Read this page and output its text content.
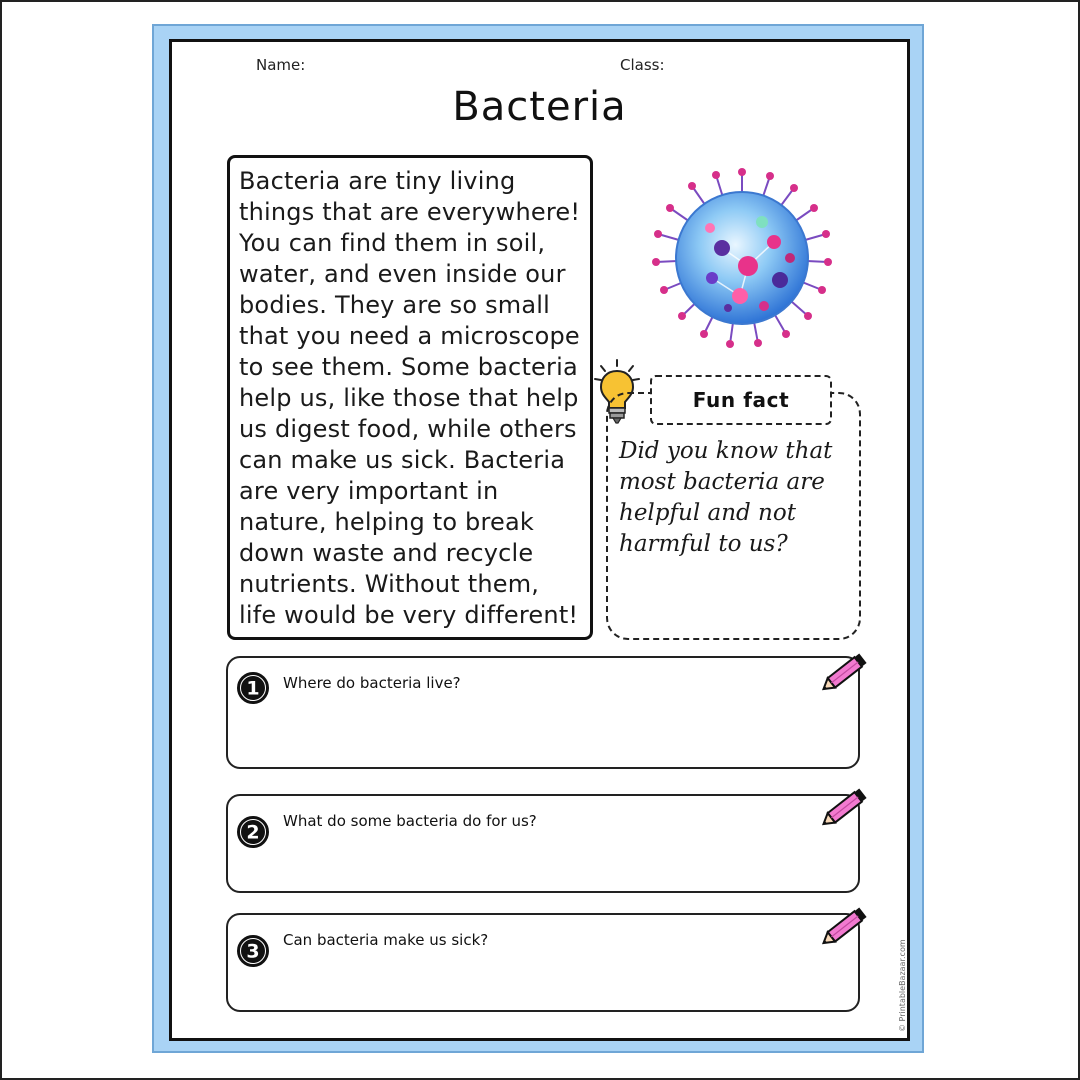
Name:	Class:
Bacteria

Bacteria are tiny living things that are everywhere! You can find them in soil, water, and even inside our bodies. They are so small that you need a microscope to see them. Some bacteria help us, like those that help us digest food, while others can make us sick. Bacteria are very important in nature, helping to break down waste and recycle nutrients. Without them, life would be very different!

Fun fact

Did you know that most bacteria are helpful and not harmful to us?

1 Where do bacteria live?
2
What do some bacteria do for us?
3
Can bacteria make us sick?	© PrintableBazaar.com
